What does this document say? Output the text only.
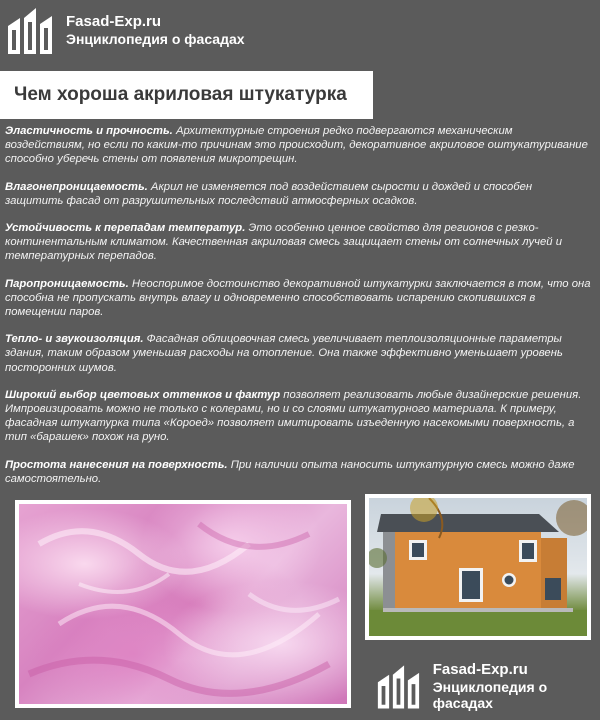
Fasad-Exp.ru
Энциклопедия о фасадах
Чем хороша акриловая штукатурка

Эластичность и прочность. Архитектурные строения редко подвергаются механическим воздействиям, но если по каким-то причинам это происходит, декоративное акриловое оштукатуривание способно уберечь стены от появления микротрещин.

Влагонепроницаемость. Акрил не изменяется под воздействием сырости и дождей и способен защитить фасад от разрушительных последствий атмосферных осадков.

Устойчивость к перепадам температур. Это особенно ценное свойство для регионов с резко-континентальным климатом. Качественная акриловая смесь защищает стены от солнечных лучей и температурных перепадов.

Паропроницаемость. Неоспоримое достоинство декоративной штукатурки заключается в том, что она способна не пропускать внутрь влагу и одновременно способствовать испарению скопившихся в помещении паров.

Тепло- и звукоизоляция. Фасадная облицовочная смесь увеличивает теплоизоляционные параметры здания, таким образом уменьшая расходы на отопление. Она также эффективно уменьшает уровень посторонних шумов.

Широкий выбор цветовых оттенков и фактур позволяет реализовать любые дизайнерские решения. Импровизировать можно не только с колерами, но и со слоями штукатурного материала. К примеру, фасадная штукатурка типа «Короед» позволяет имитировать изъеденную насекомыми поверхность, а тип «барашек» похож на руно.

Простота нанесения на поверхность. При наличии опыта наносить штукатурную смесь можно даже самостоятельно.

Fasad-Exp.ru
Энциклопедия о фасадах
